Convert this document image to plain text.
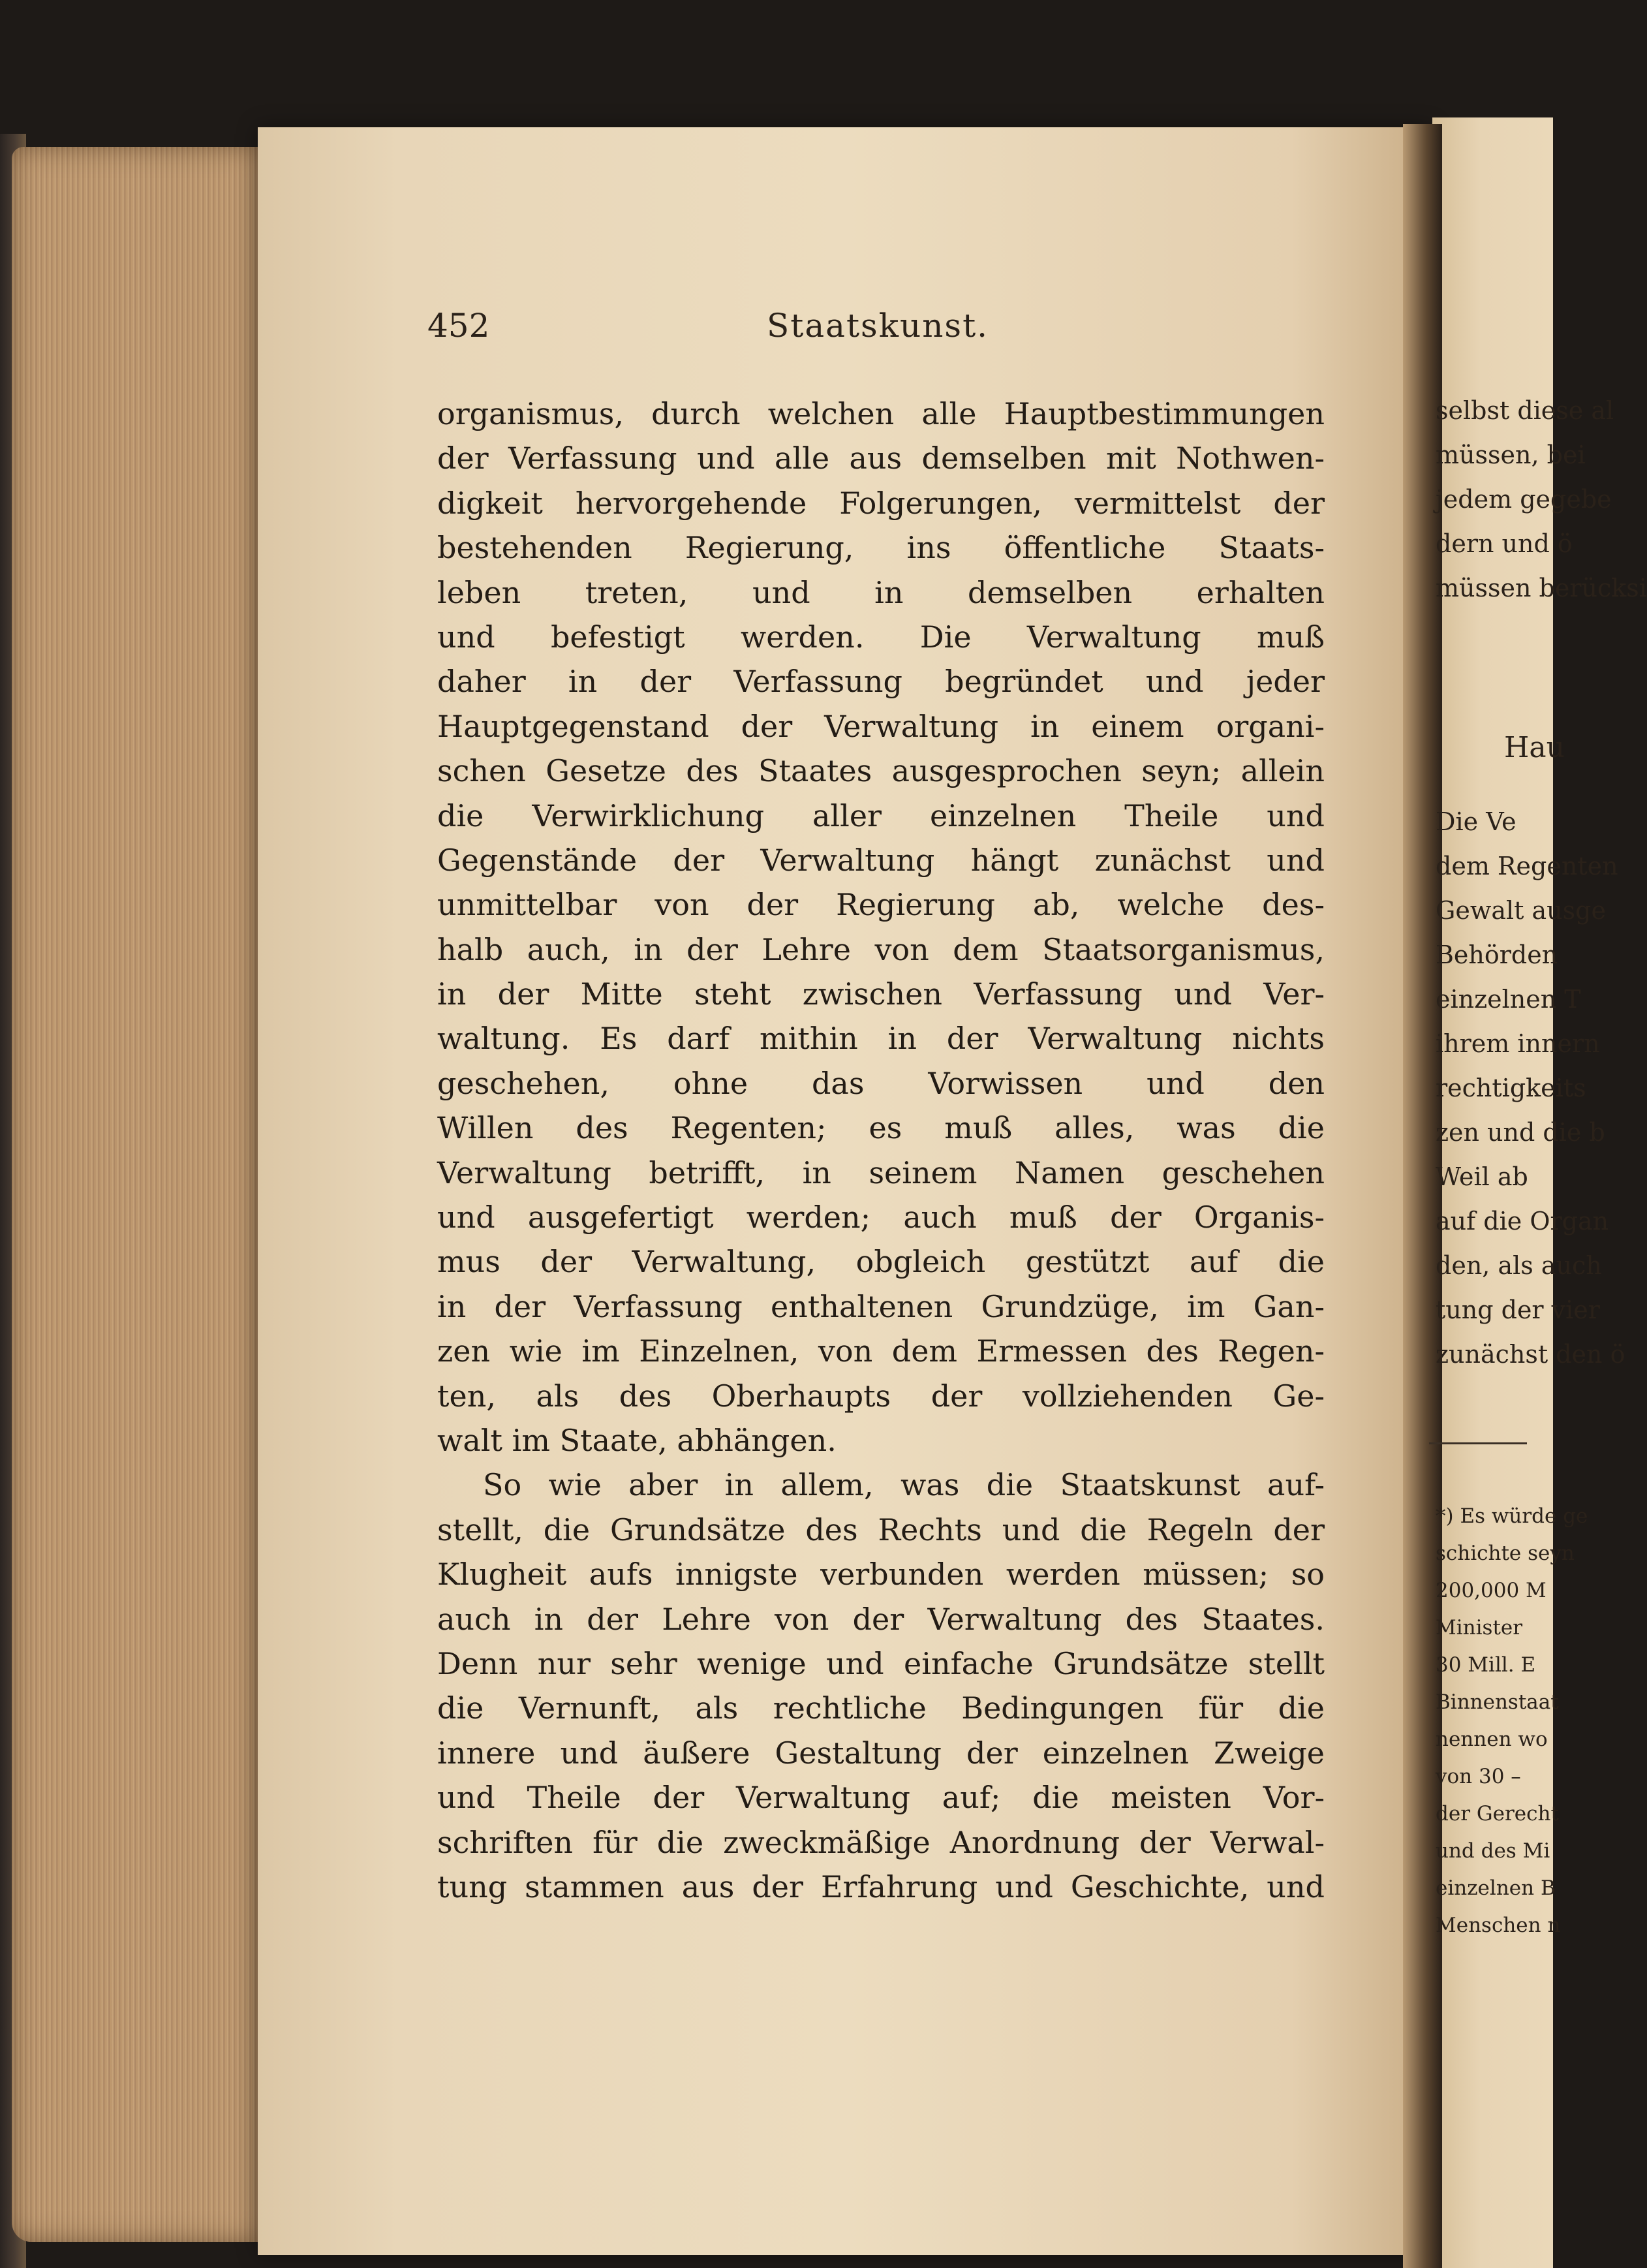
452	Staatskunst.
organismus, durch welchen alle Hauptbestimmungen
der Verfassung und alle aus demselben mit Nothwen-
digkeit hervorgehende Folgerungen, vermittelst der
bestehenden Regierung, ins öffentliche Staats-
leben treten, und in demselben erhalten
und befestigt werden. Die Verwaltung muß
daher in der Verfassung begründet und jeder
Hauptgegenstand der Verwaltung in einem organi-
schen Gesetze des Staates ausgesprochen seyn; allein
die Verwirklichung aller einzelnen Theile und
Gegenstände der Verwaltung hängt zunächst und
unmittelbar von der Regierung ab, welche des-
halb auch, in der Lehre von dem Staatsorganismus,
in der Mitte steht zwischen Verfassung und Ver-
waltung. Es darf mithin in der Verwaltung nichts
geschehen, ohne das Vorwissen und den
Willen des Regenten; es muß alles, was die
Verwaltung betrifft, in seinem Namen geschehen
und ausgefertigt werden; auch muß der Organis-
mus der Verwaltung, obgleich gestützt auf die
in der Verfassung enthaltenen Grundzüge, im Gan-
zen wie im Einzelnen, von dem Ermessen des Regen-
ten, als des Oberhaupts der vollziehenden Ge-
walt im Staate, abhängen.
So wie aber in allem, was die Staatskunst auf-
stellt, die Grundsätze des Rechts und die Regeln der
Klugheit aufs innigste verbunden werden müssen; so
auch in der Lehre von der Verwaltung des Staates.
Denn nur sehr wenige und einfache Grundsätze stellt
die Vernunft, als rechtliche Bedingungen für die
innere und äußere Gestaltung der einzelnen Zweige
und Theile der Verwaltung auf; die meisten Vor-
schriften für die zweckmäßige Anordnung der Verwal-
tung stammen aus der Erfahrung und Geschichte, und
selbst diese al
müssen, bei
jedem gegebe
dern und ö
müssen berücksi
Hau
Die Ve
dem Regenten
Gewalt ausge
Behörden
einzelnen T
ihrem innern
rechtigkeits
zen und die b
Weil ab
auf die Organ
den, als auch
tung der vier
zunächst den ö
*) Es würde ge
schichte seyn
200,000 M
Minister
30 Mill. E
Binnenstaat
nennen wo
von 30 –
der Gerecht
und des Mi
einzelnen B
Menschen n
